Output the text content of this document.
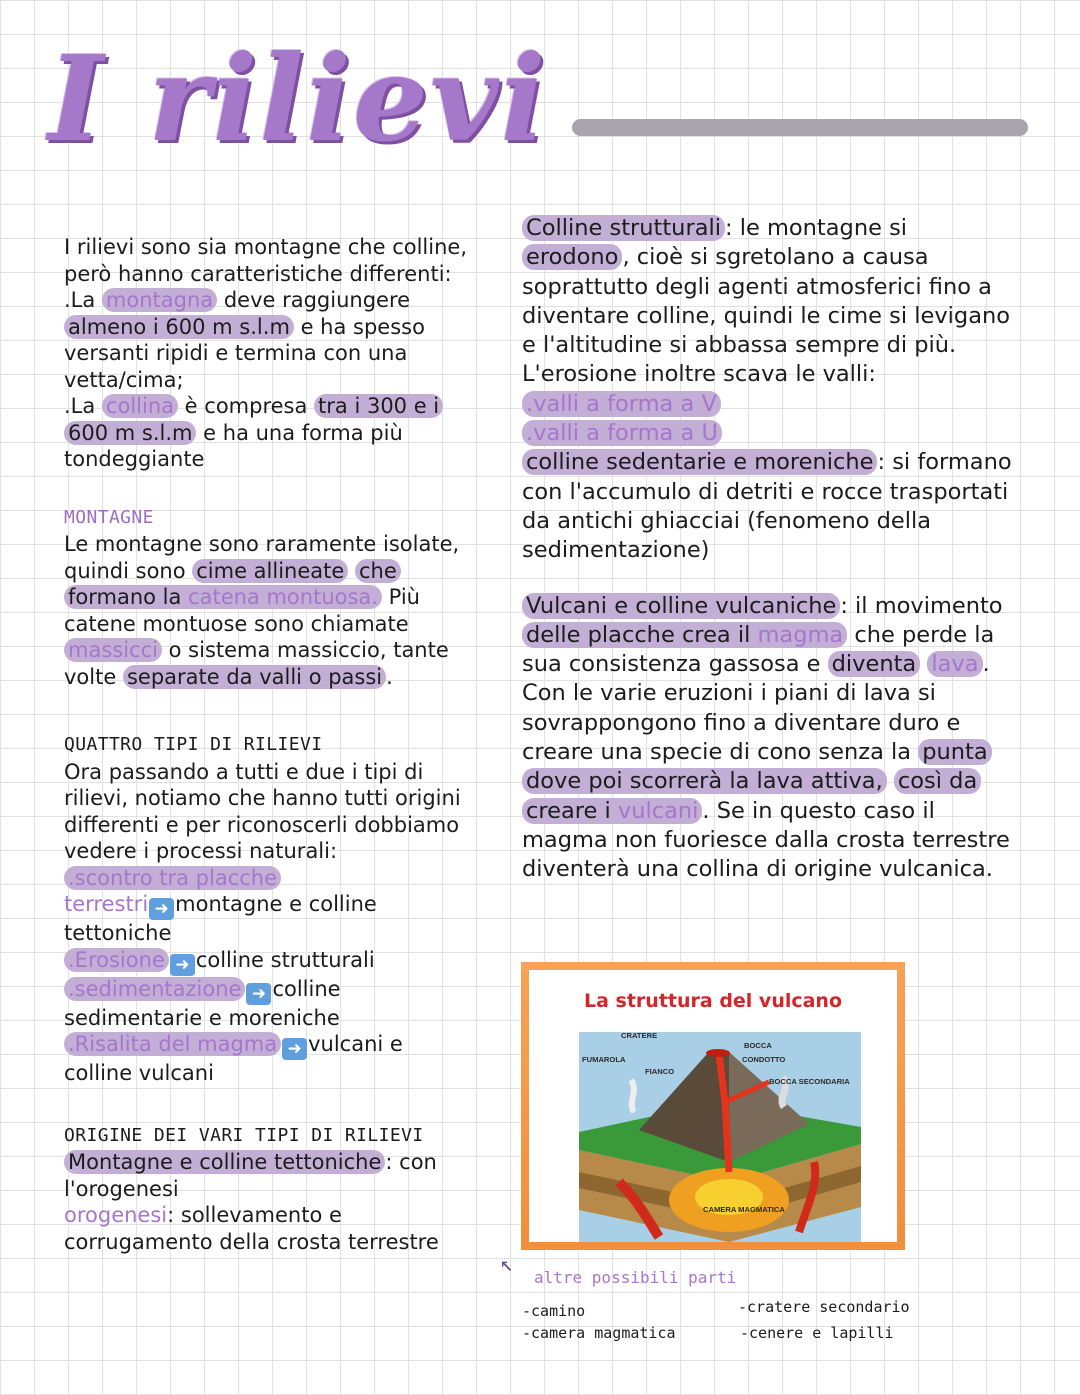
I rilievi

I rilievi sono sia montagne che colline, però hanno caratteristiche differenti:
.La montagna deve raggiungere almeno i 600 m s.l.m e ha spesso versanti ripidi e termina con una vetta/cima;
.La collina è compresa tra i 300 e i 600 m s.l.m e ha una forma più tondeggiante

MONTAGNE
Le montagne sono raramente isolate, quindi sono cime allineate che formano la catena montuosa. Più catene montuose sono chiamate massicci o sistema massiccio, tante volte separate da valli o passi .

QUATTRO TIPI DI RILIEVI
Ora passando a tutti e due i tipi di rilievi, notiamo che hanno tutti origini differenti e per riconoscerli dobbiamo vedere i processi naturali:
.scontro tra placche
terrestri ➜ montagne e colline tettoniche
.Erosione ➜ colline strutturali
.sedimentazione ➜ colline sedimentarie e moreniche
.Risalita del magma ➜ vulcani e colline vulcani

ORIGINE DEI VARI TIPI DI RILIEVI
Montagne e colline tettoniche : con l'orogenesi
orogenesi: sollevamento e corrugamento della crosta terrestre

Colline strutturali : le montagne si erodono , cioè si sgretolano a causa soprattutto degli agenti atmosferici fino a diventare colline, quindi le cime si levigano e l'altitudine si abbassa sempre di più. L'erosione inoltre scava le valli:
.valli a forma a V
.valli a forma a U
colline sedentarie e moreniche : si formano con l'accumulo di detriti e rocce trasportati da antichi ghiacciai (fenomeno della sedimentazione)

Vulcani e colline vulcaniche : il movimento delle placche crea il magma che perde la sua consistenza gassosa e diventa lava . Con le varie eruzioni i piani di lava si sovrappongono fino a diventare duro e creare una specie di cono senza la punta dove poi scorrerà la lava attiva, così da creare i vulcani . Se in questo caso il magma non fuoriesce dalla crosta terrestre diventerà una collina di origine vulcanica.

La struttura del vulcano
CRATERE
BOCCA
CONDOTTO
FUMAROLA
FIANCO
BOCCA SECONDARIA
CAMERA MAGMATICA
↖
altre possibili parti
-camino
-camera magmatica
-cratere secondario
-cenere e lapilli
